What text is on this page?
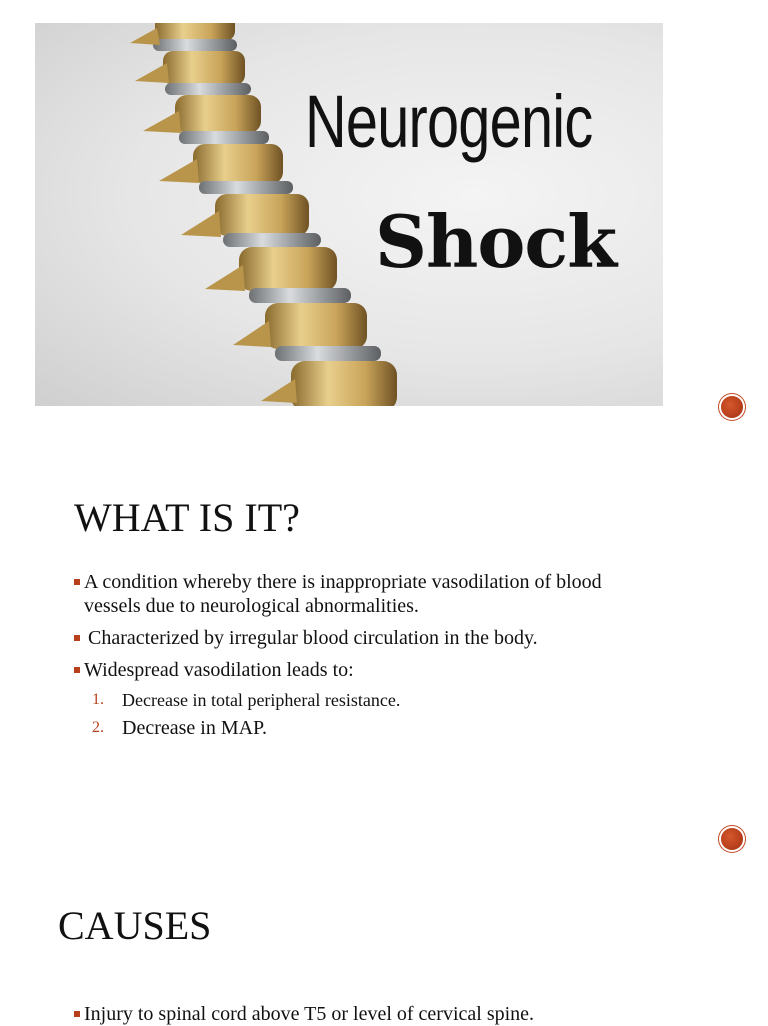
Neurogenic
Shock
WHAT IS IT?
A condition whereby there is inappropriate vasodilation of blood
vessels due to neurological abnormalities.
Characterized by irregular blood circulation in the body.
Widespread vasodilation leads to:
1. Decrease in total peripheral resistance.
2. Decrease in MAP.
CAUSES
Injury to spinal cord above T5 or level of cervical spine.
